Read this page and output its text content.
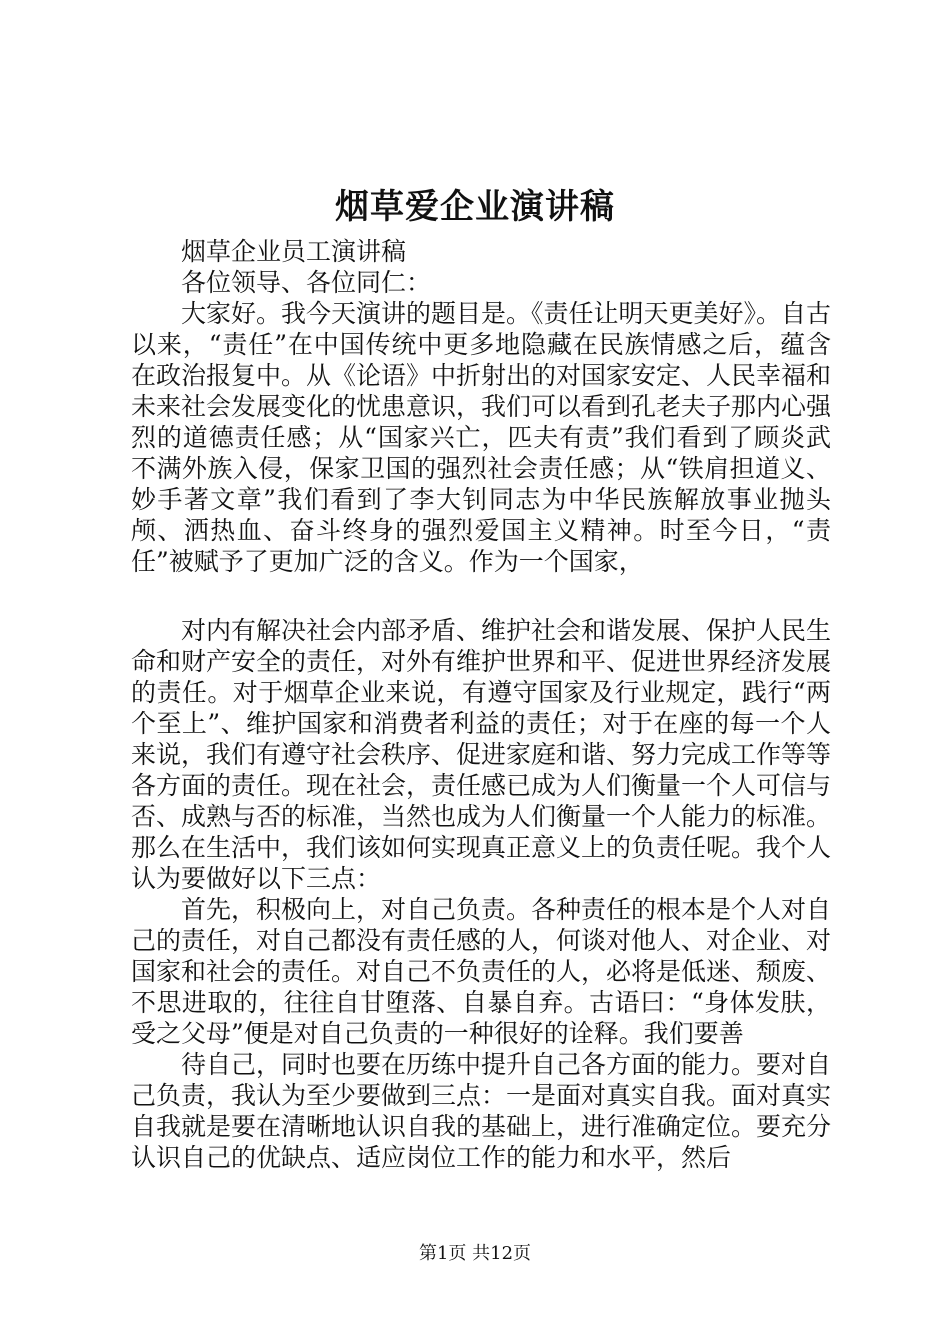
烟草爱企业演讲稿

烟草企业员工演讲稿

各位领导、各位同仁：

大家好。我今天演讲的题目是。《责任让明天更美好》。自古以来，“责任”在中国传统中更多地隐藏在民族情感之后，蕴含在政治报复中。从《论语》中折射出的对国家安定、人民幸福和未来社会发展变化的忧患意识，我们可以看到孔老夫子那内心强烈的道德责任感；从“国家兴亡，匹夫有责”我们看到了顾炎武不满外族入侵，保家卫国的强烈社会责任感；从“铁肩担道义、妙手著文章”我们看到了李大钊同志为中华民族解放事业抛头颅、洒热血、奋斗终身的强烈爱国主义精神。时至今日，“责任”被赋予了更加广泛的含义。作为一个国家，

对内有解决社会内部矛盾、维护社会和谐发展、保护人民生命和财产安全的责任，对外有维护世界和平、促进世界经济发展的责任。对于烟草企业来说，有遵守国家及行业规定，践行“两个至上”、维护国家和消费者利益的责任；对于在座的每一个人来说，我们有遵守社会秩序、促进家庭和谐、努力完成工作等等各方面的责任。现在社会，责任感已成为人们衡量一个人可信与否、成熟与否的标准，当然也成为人们衡量一个人能力的标准。那么在生活中，我们该如何实现真正意义上的负责任呢。我个人认为要做好以下三点：

首先，积极向上，对自己负责。各种责任的根本是个人对自己的责任，对自己都没有责任感的人，何谈对他人、对企业、对国家和社会的责任。对自己不负责任的人，必将是低迷、颓废、不思进取的，往往自甘堕落、自暴自弃。古语曰：“身体发肤，受之父母”便是对自己负责的一种很好的诠释。我们要善

待自己，同时也要在历练中提升自己各方面的能力。要对自己负责，我认为至少要做到三点：一是面对真实自我。面对真实自我就是要在清晰地认识自我的基础上，进行准确定位。要充分认识自己的优缺点、适应岗位工作的能力和水平，然后

第1页 共12页
